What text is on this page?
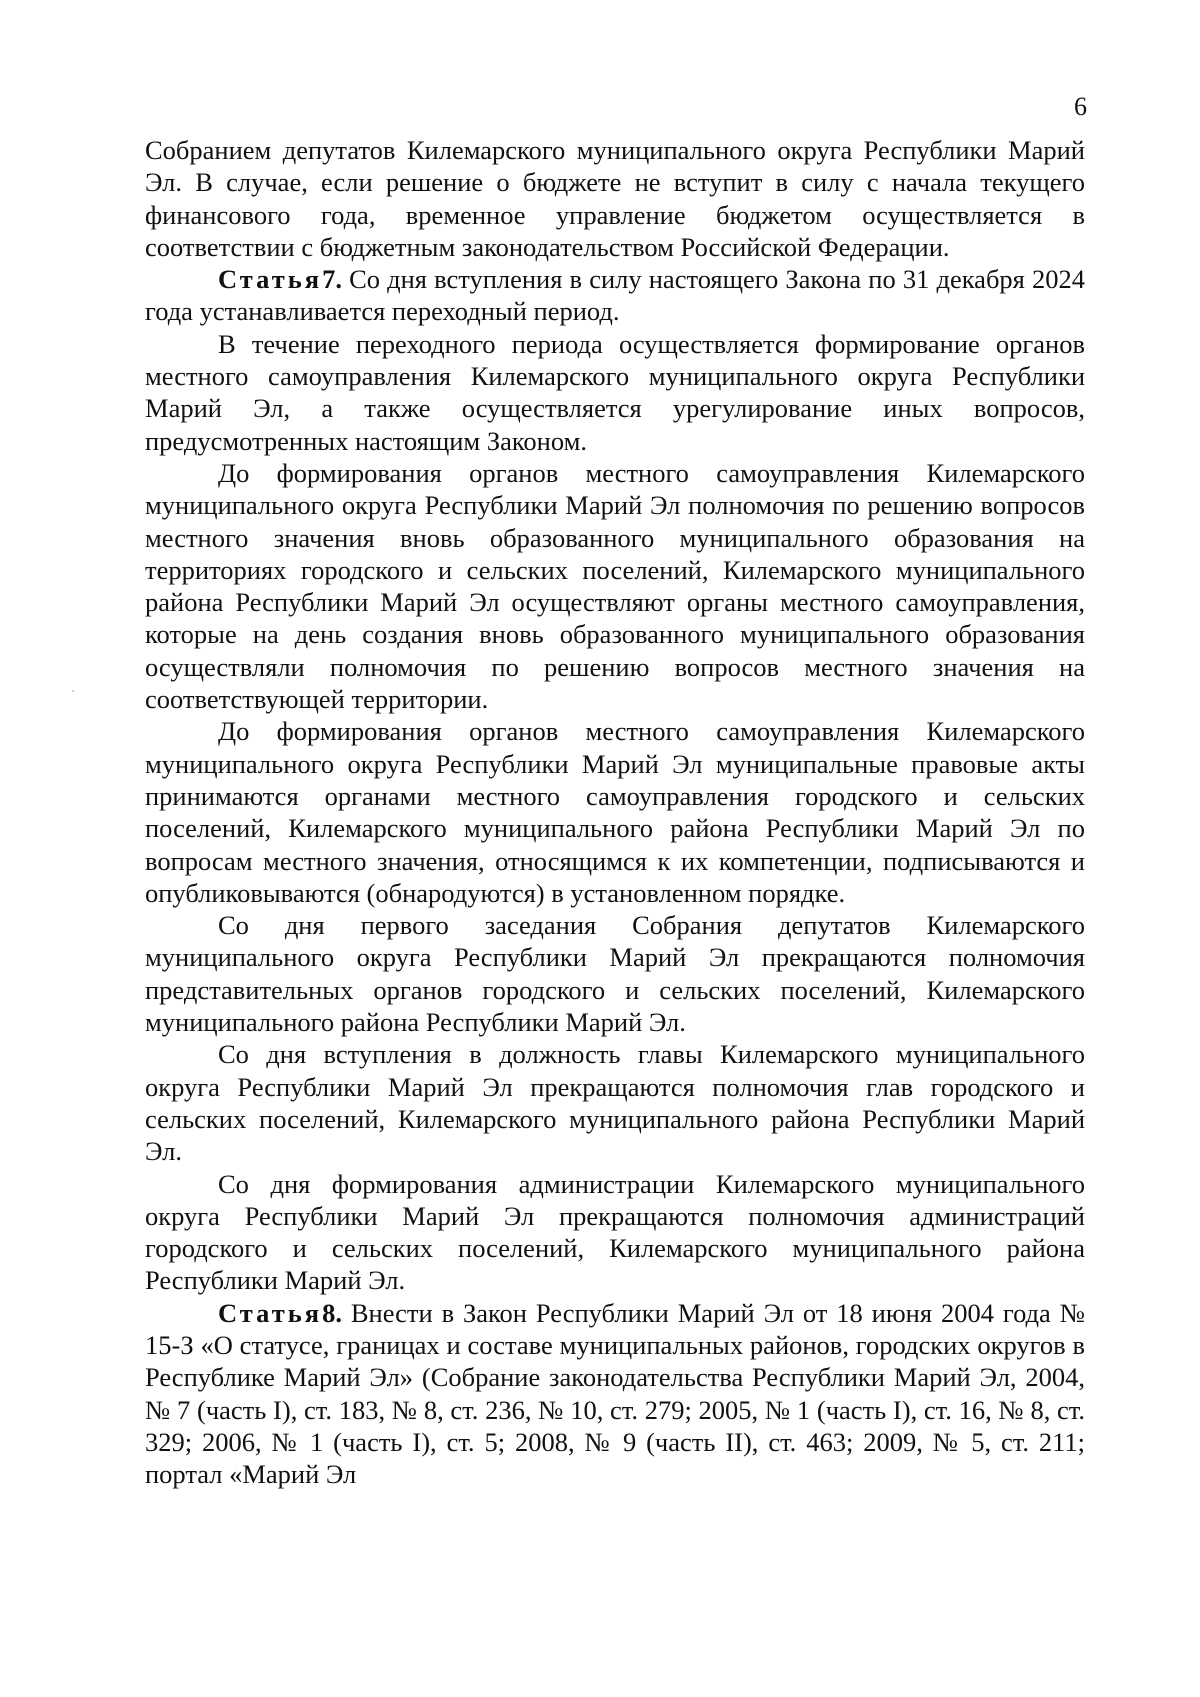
6

Собранием депутатов Килемарского муниципального округа Республики Марий Эл. В случае, если решение о бюджете не вступит в силу с начала текущего финансового года, временное управление бюджетом осуществляется в соответствии с бюджетным законодательством Российской Федерации.

Статья7. Со дня вступления в силу настоящего Закона по 31 декабря 2024 года устанавливается переходный период.

В течение переходного периода осуществляется формирование органов местного самоуправления Килемарского муниципального округа Республики Марий Эл, а также осуществляется урегулирование иных вопросов, предусмотренных настоящим Законом.

До формирования органов местного самоуправления Килемарского муниципального округа Республики Марий Эл полномочия по решению вопросов местного значения вновь образованного муниципального образования на территориях городского и сельских поселений, Килемарского муниципального района Республики Марий Эл осуществляют органы местного самоуправления, которые на день создания вновь образованного муниципального образования осуществляли полномочия по решению вопросов местного значения на соответствующей территории.

До формирования органов местного самоуправления Килемарского муниципального округа Республики Марий Эл муниципальные правовые акты принимаются органами местного самоуправления городского и сельских поселений, Килемарского муниципального района Республики Марий Эл по вопросам местного значения, относящимся к их компетенции, подписываются и опубликовываются (обнародуются) в установленном порядке.

Со дня первого заседания Собрания депутатов Килемарского муниципального округа Республики Марий Эл прекращаются полномочия представительных органов городского и сельских поселений, Килемарского муниципального района Республики Марий Эл.

Со дня вступления в должность главы Килемарского муниципального округа Республики Марий Эл прекращаются полномочия глав городского и сельских поселений, Килемарского муниципального района Республики Марий Эл.

Со дня формирования администрации Килемарского муниципального округа Республики Марий Эл прекращаются полномочия администраций городского и сельских поселений, Килемарского муниципального района Республики Марий Эл.

Статья8. Внести в Закон Республики Марий Эл от 18 июня 2004 года № 15-З «О статусе, границах и составе муниципальных районов, городских округов в Республике Марий Эл» (Собрание законодательства Республики Марий Эл, 2004, № 7 (часть I), ст. 183, № 8, ст. 236, № 10, ст. 279; 2005, № 1 (часть I), ст. 16, № 8, ст. 329; 2006, № 1 (часть I), ст. 5; 2008, № 9 (часть II), ст. 463; 2009, № 5, ст. 211; портал «Марий Эл
